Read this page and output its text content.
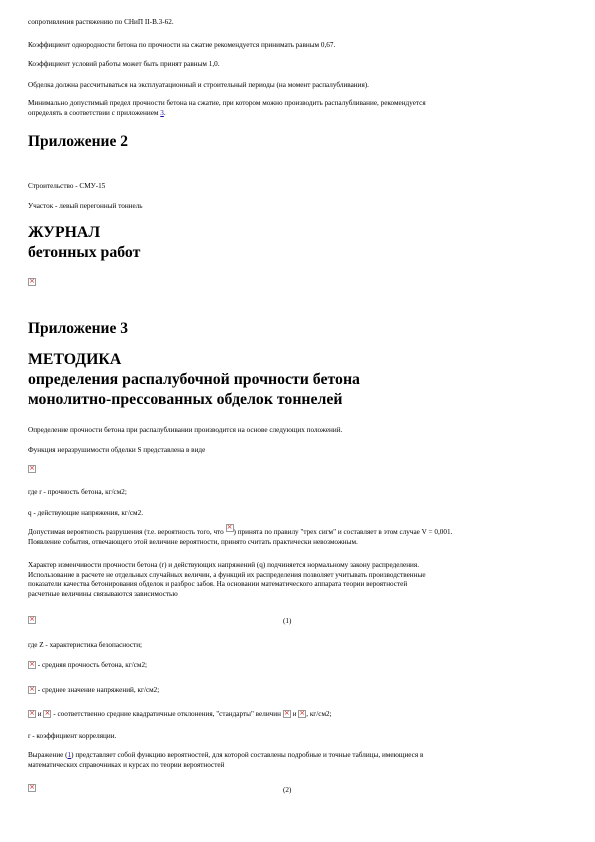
сопротивления растяжению по СНиП II-В.3-62.
Коэффициент однородности бетона по прочности на сжатие рекомендуется принимать равным 0,67.
Коэффициент условий работы может быть принят равным 1,0.
Обделка должна рассчитываться на эксплуатационный и строительный периоды (на момент распалубливания).
Минимально допустимый предел прочности бетона на сжатие, при котором можно производить распалубливание, рекомендуется
определять в соответствии с приложением 3.
Приложение 2
Строительство - СМУ-15
Участок - левый перегонный тоннель
ЖУРНАЛ
бетонных работ
×
Приложение 3
МЕТОДИКА
определения распалубочной прочности бетона
монолитно-прессованных обделок тоннелей
Определение прочности бетона при распалубливании производится на основе следующих положений.
Функция неразрушимости обделки S представлена в виде
×
где r - прочность бетона, кг/см2;
q - действующие напряжения, кг/см2.
Допустимая вероятность разрушения (т.е. вероятность того, что × ) принята по правилу "трех сигм" и составляет в этом случае V = 0,001.
Появление события, отвечающего этой величине вероятности, принято считать практически невозможным.
Характер изменчивости прочности бетона (r) и действующих напряжений (q) подчиняется нормальному закону распределения.
Использование в расчете не отдельных случайных величин, а функций их распределения позволяет учитывать производственные
показатели качества бетонирования обделок и разброс забоя. На основании математического аппарата теории вероятностей
расчетные величины связываются зависимостью
×
(1)
где Z - характеристика безопасности;
× - средняя прочность бетона, кг/см2;
× - среднее значение напряжений, кг/см2;
× и × - соответственно средние квадратичные отклонения, "стандарты" величин × и × , кг/см2;
r - коэффициент корреляции.
Выражение (1) представляет собой функцию вероятностей, для которой составлены подробные и точные таблицы, имеющиеся в
математических справочниках и курсах по теории вероятностей
×
(2)
